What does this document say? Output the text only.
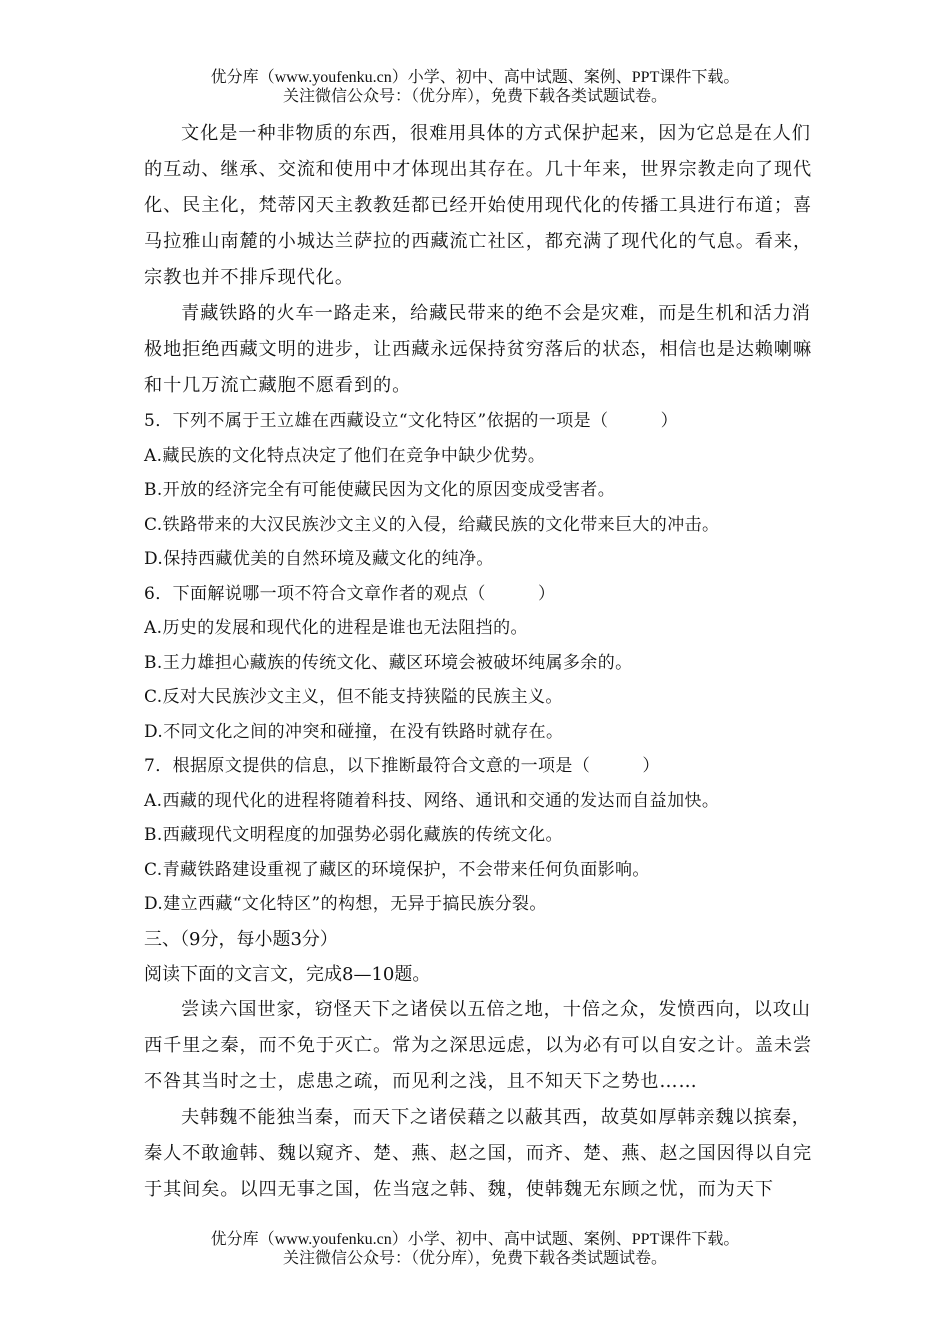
优分库（www.youfenku.cn）小学、初中、高中试题、案例、PPT课件下载。
关注微信公众号：（优分库），免费下载各类试题试卷。

文化是一种非物质的东西，很难用具体的方式保护起来，因为它总是在人们的互动、继承、交流和使用中才体现出其存在。几十年来，世界宗教走向了现代化、民主化，梵蒂冈天主教教廷都已经开始使用现代化的传播工具进行布道；喜马拉雅山南麓的小城达兰萨拉的西藏流亡社区，都充满了现代化的气息。看来，宗教也并不排斥现代化。

青藏铁路的火车一路走来，给藏民带来的绝不会是灾难，而是生机和活力消极地拒绝西藏文明的进步，让西藏永远保持贫穷落后的状态，相信也是达赖喇嘛和十几万流亡藏胞不愿看到的。

5．下列不属于王立雄在西藏设立“文化特区”依据的一项是（　　　）

A.藏民族的文化特点决定了他们在竞争中缺少优势。

B.开放的经济完全有可能使藏民因为文化的原因变成受害者。

C.铁路带来的大汉民族沙文主义的入侵，给藏民族的文化带来巨大的冲击。

D.保持西藏优美的自然环境及藏文化的纯净。

6．下面解说哪一项不符合文章作者的观点（　　　）

A.历史的发展和现代化的进程是谁也无法阻挡的。

B.王力雄担心藏族的传统文化、藏区环境会被破坏纯属多余的。

C.反对大民族沙文主义，但不能支持狭隘的民族主义。

D.不同文化之间的冲突和碰撞，在没有铁路时就存在。

7．根据原文提供的信息，以下推断最符合文意的一项是（　　　）

A.西藏的现代化的进程将随着科技、网络、通讯和交通的发达而自益加快。

B.西藏现代文明程度的加强势必弱化藏族的传统文化。

C.青藏铁路建设重视了藏区的环境保护，不会带来任何负面影响。

D.建立西藏“文化特区”的构想，无异于搞民族分裂。

三、（9分，每小题3分）

阅读下面的文言文，完成8—10题。

尝读六国世家，窃怪天下之诸侯以五倍之地，十倍之众，发愤西向，以攻山西千里之秦，而不免于灭亡。常为之深思远虑，以为必有可以自安之计。盖未尝不咎其当时之士，虑患之疏，而见利之浅，且不知天下之势也……

夫韩魏不能独当秦，而天下之诸侯藉之以蔽其西，故莫如厚韩亲魏以摈秦，秦人不敢逾韩、魏以窥齐、楚、燕、赵之国，而齐、楚、燕、赵之国因得以自完于其间矣。以四无事之国，佐当寇之韩、魏，使韩魏无东顾之忧，而为天下

优分库（www.youfenku.cn）小学、初中、高中试题、案例、PPT课件下载。
关注微信公众号：（优分库），免费下载各类试题试卷。
